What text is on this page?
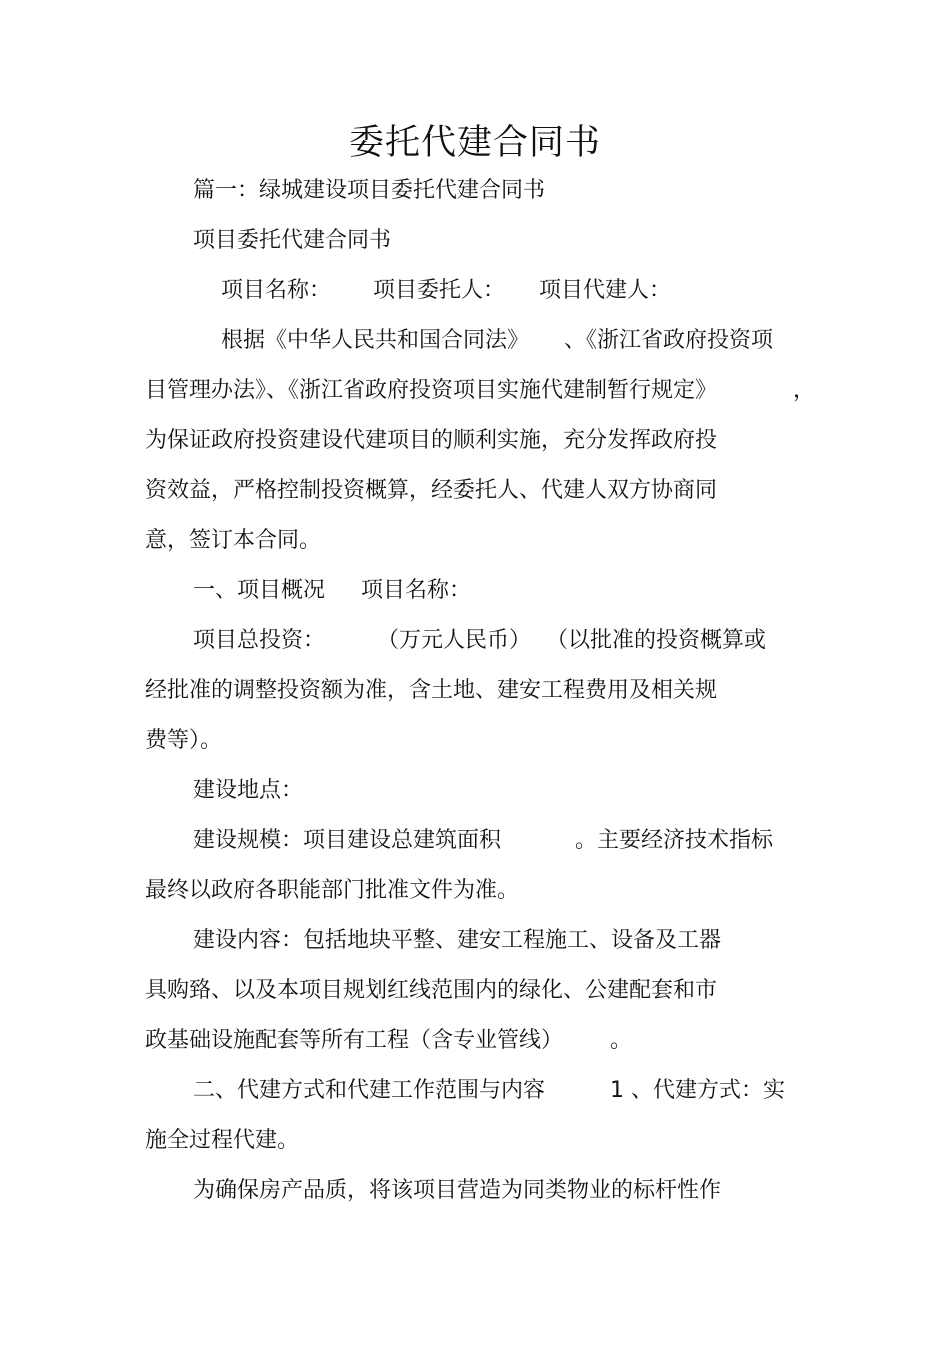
委托代建合同书

篇一：绿城建设项目委托代建合同书

项目委托代建合同书

项目名称： 项目委托人： 项目代建人：
根据《中华人民共和国合同法》 、《浙江省政府投资项
目管理办法》、《浙江省政府投资项目实施代建制暂行规定》	，
为保证政府投资建设代建项目的顺利实施，充分发挥政府投
资效益，严格控制投资概算，经委托人、代建人双方协商同
意，签订本合同。
一、项目概况 项目名称：
项目总投资： （万元人民币） （以批准的投资概算或
经批准的调整投资额为准，含土地、建安工程费用及相关规
费等）。

建设地点：

建设规模：项目建设总建筑面积	。主要经济技术指标
最终以政府各职能部门批准文件为准。
建设内容：包括地块平整、建安工程施工、设备及工器
具购臵、以及本项目规划红线范围内的绿化、公建配套和市
政基础设施配套等所有工程（含专业管线） 。
二、代建方式和代建工作范围与内容	1 、代建方式：实
施全过程代建。

为确保房产品质，将该项目营造为同类物业的标杆性作
